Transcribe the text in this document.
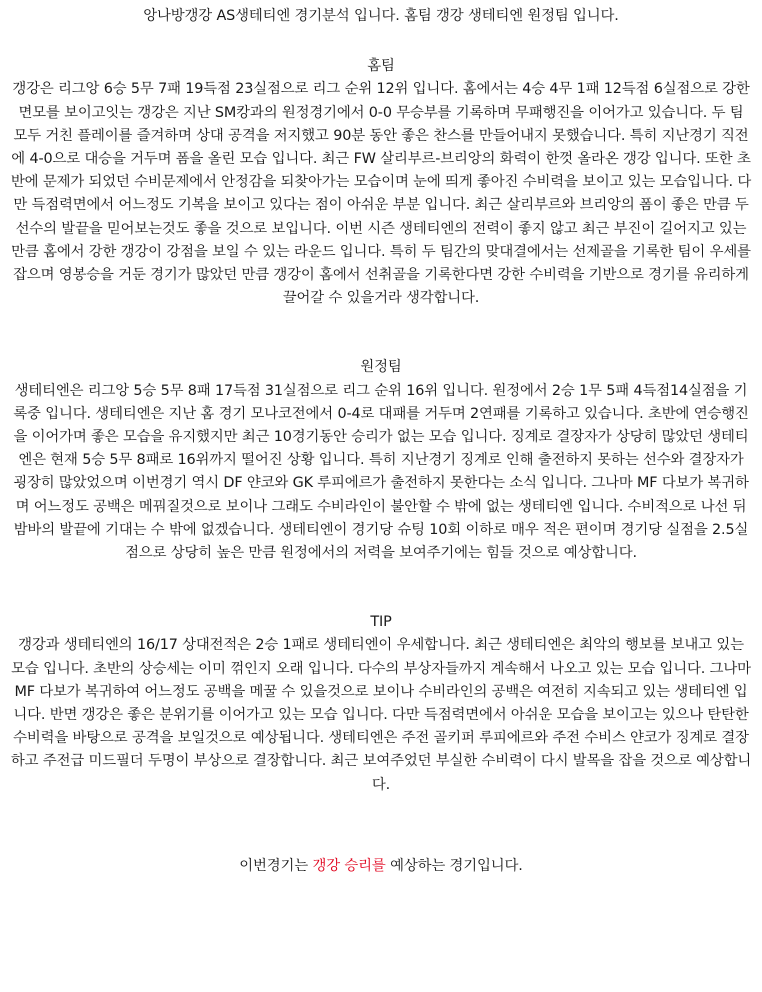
앙나방갱강 AS생테티엔 경기분석 입니다. 홈팀 갱강 생테티엔 원정팀 입니다.

홈팀

갱강은 리그앙 6승 5무 7패 19득점 23실점으로 리그 순위 12위 입니다. 홈에서는 4승 4무 1패 12득점 6실점으로 강한 면모를 보이고잇는 갱강은 지난 SM캉과의 원정경기에서 0-0 무승부를 기록하며 무패행진을 이어가고 있습니다. 두 팀 모두 거친 플레이를 즐겨하며 상대 공격을 저지했고 90분 동안 좋은 찬스를 만들어내지 못했습니다. 특히 지난경기 직전에 4-0으로 대승을 거두며 폼을 올린 모습 입니다. 최근 FW 살리부르-브리앙의 화력이 한껏 올라온 갱강 입니다. 또한 초반에 문제가 되었던 수비문제에서 안정감을 되찾아가는 모습이며 눈에 띄게 좋아진 수비력을 보이고 있는 모습입니다. 다만 득점력면에서 어느정도 기복을 보이고 있다는 점이 아쉬운 부분 입니다. 최근 살리부르와 브리앙의 폼이 좋은 만큼 두 선수의 발끝을 믿어보는것도 좋을 것으로 보입니다. 이번 시즌 생테티엔의 전력이 좋지 않고 최근 부진이 길어지고 있는 만큼 홈에서 강한 갱강이 강점을 보일 수 있는 라운드 입니다. 특히 두 팀간의 맞대결에서는 선제골을 기록한 팀이 우세를 잡으며 영봉승을 거둔 경기가 많았던 만큼 갱강이 홈에서 선취골을 기록한다면 강한 수비력을 기반으로 경기를 유리하게 끌어갈 수 있을거라 생각합니다.

원정팀

생테티엔은 리그앙 5승 5무 8패 17득점 31실점으로 리그 순위 16위 입니다. 원정에서 2승 1무 5패 4득점14실점을 기록중 입니다. 생테티엔은 지난 홈 경기 모나코전에서 0-4로 대패를 거두며 2연패를 기록하고 있습니다. 초반에 연승행진을 이어가며 좋은 모습을 유지했지만 최근 10경기동안 승리가 없는 모습 입니다. 징계로 결장자가 상당히 많았던 생테티엔은 현재 5승 5무 8패로 16위까지 떨어진 상황 입니다. 특히 지난경기 징계로 인해 출전하지 못하는 선수와 결장자가 굉장히 많았었으며 이번경기 역시 DF 얀코와 GK 루피에르가 출전하지 못한다는 소식 입니다. 그나마 MF 다보가 복귀하며 어느정도 공백은 메꿔질것으로 보이나 그래도 수비라인이 불안할 수 밖에 없는 생테티엔 입니다. 수비적으로 나선 뒤 밤바의 발끝에 기대는 수 밖에 없겠습니다. 생테티엔이 경기당 슈팅 10회 이하로 매우 적은 편이며 경기당 실점을 2.5실점으로 상당히 높은 만큼 원정에서의 저력을 보여주기에는 힘들 것으로 예상합니다.

TIP

갱강과 생테티엔의 16/17 상대전적은 2승 1패로 생테티엔이 우세합니다. 최근 생테티엔은 최악의 행보를 보내고 있는 모습 입니다. 초반의 상승세는 이미 꺾인지 오래 입니다. 다수의 부상자들까지 계속해서 나오고 있는 모습 입니다. 그나마 MF 다보가 복귀하여 어느정도 공백을 메꿀 수 있을것으로 보이나 수비라인의 공백은 여전히 지속되고 있는 생테티엔 입니다. 반면 갱강은 좋은 분위기를 이어가고 있는 모습 입니다. 다만 득점력면에서 아쉬운 모습을 보이고는 있으나 탄탄한 수비력을 바탕으로 공격을 보일것으로 예상됩니다. 생테티엔은 주전 골키퍼 루피에르와 주전 수비스 얀코가 징계로 결장하고 주전급 미드필더 두명이 부상으로 결장합니다. 최근 보여주었던 부실한 수비력이 다시 발목을 잡을 것으로 예상합니다.

이번경기는 갱강 승리를 예상하는 경기입니다.
